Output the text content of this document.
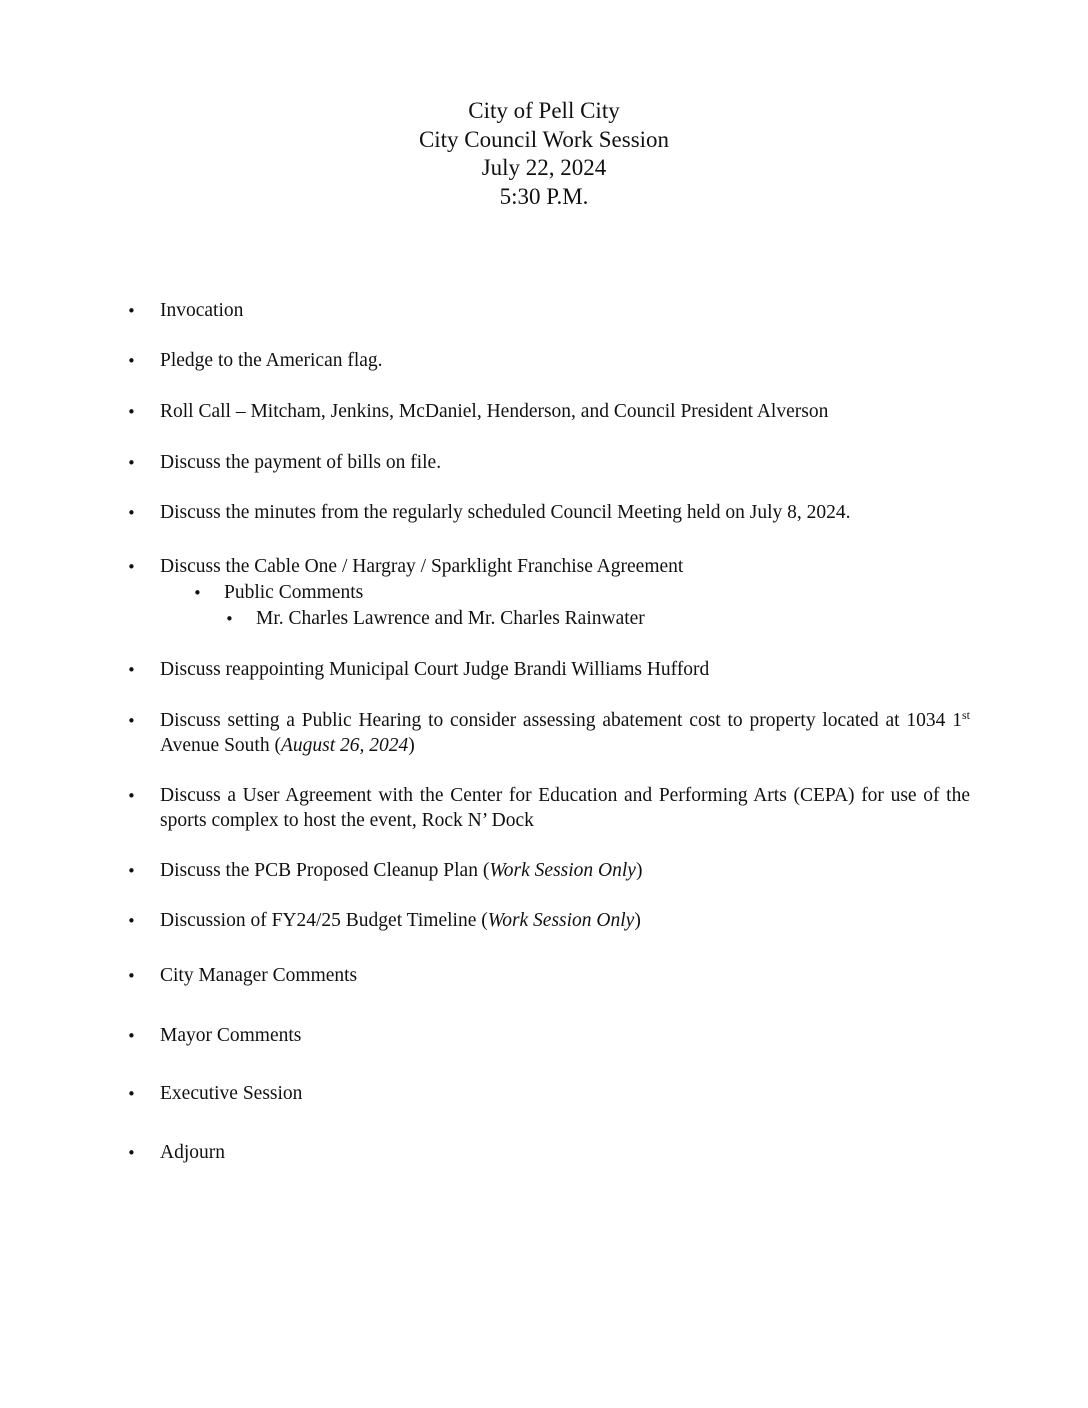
City of Pell City
City Council Work Session
July 22, 2024
5:30 P.M.
• Invocation
• Pledge to the American flag.
• Roll Call – Mitcham, Jenkins, McDaniel, Henderson, and Council President Alverson
• Discuss the payment of bills on file.
• Discuss the minutes from the regularly scheduled Council Meeting held on July 8, 2024.
• Discuss the Cable One / Hargray / Sparklight Franchise Agreement
• Public Comments
• Mr. Charles Lawrence and Mr. Charles Rainwater
• Discuss reappointing Municipal Court Judge Brandi Williams Hufford
• Discuss setting a Public Hearing to consider assessing abatement cost to property located at 1034 1st Avenue South (August 26, 2024)
• Discuss a User Agreement with the Center for Education and Performing Arts (CEPA) for use of the sports complex to host the event, Rock N’ Dock
• Discuss the PCB Proposed Cleanup Plan (Work Session Only)
• Discussion of FY24/25 Budget Timeline (Work Session Only)
• City Manager Comments
• Mayor Comments
• Executive Session
• Adjourn
